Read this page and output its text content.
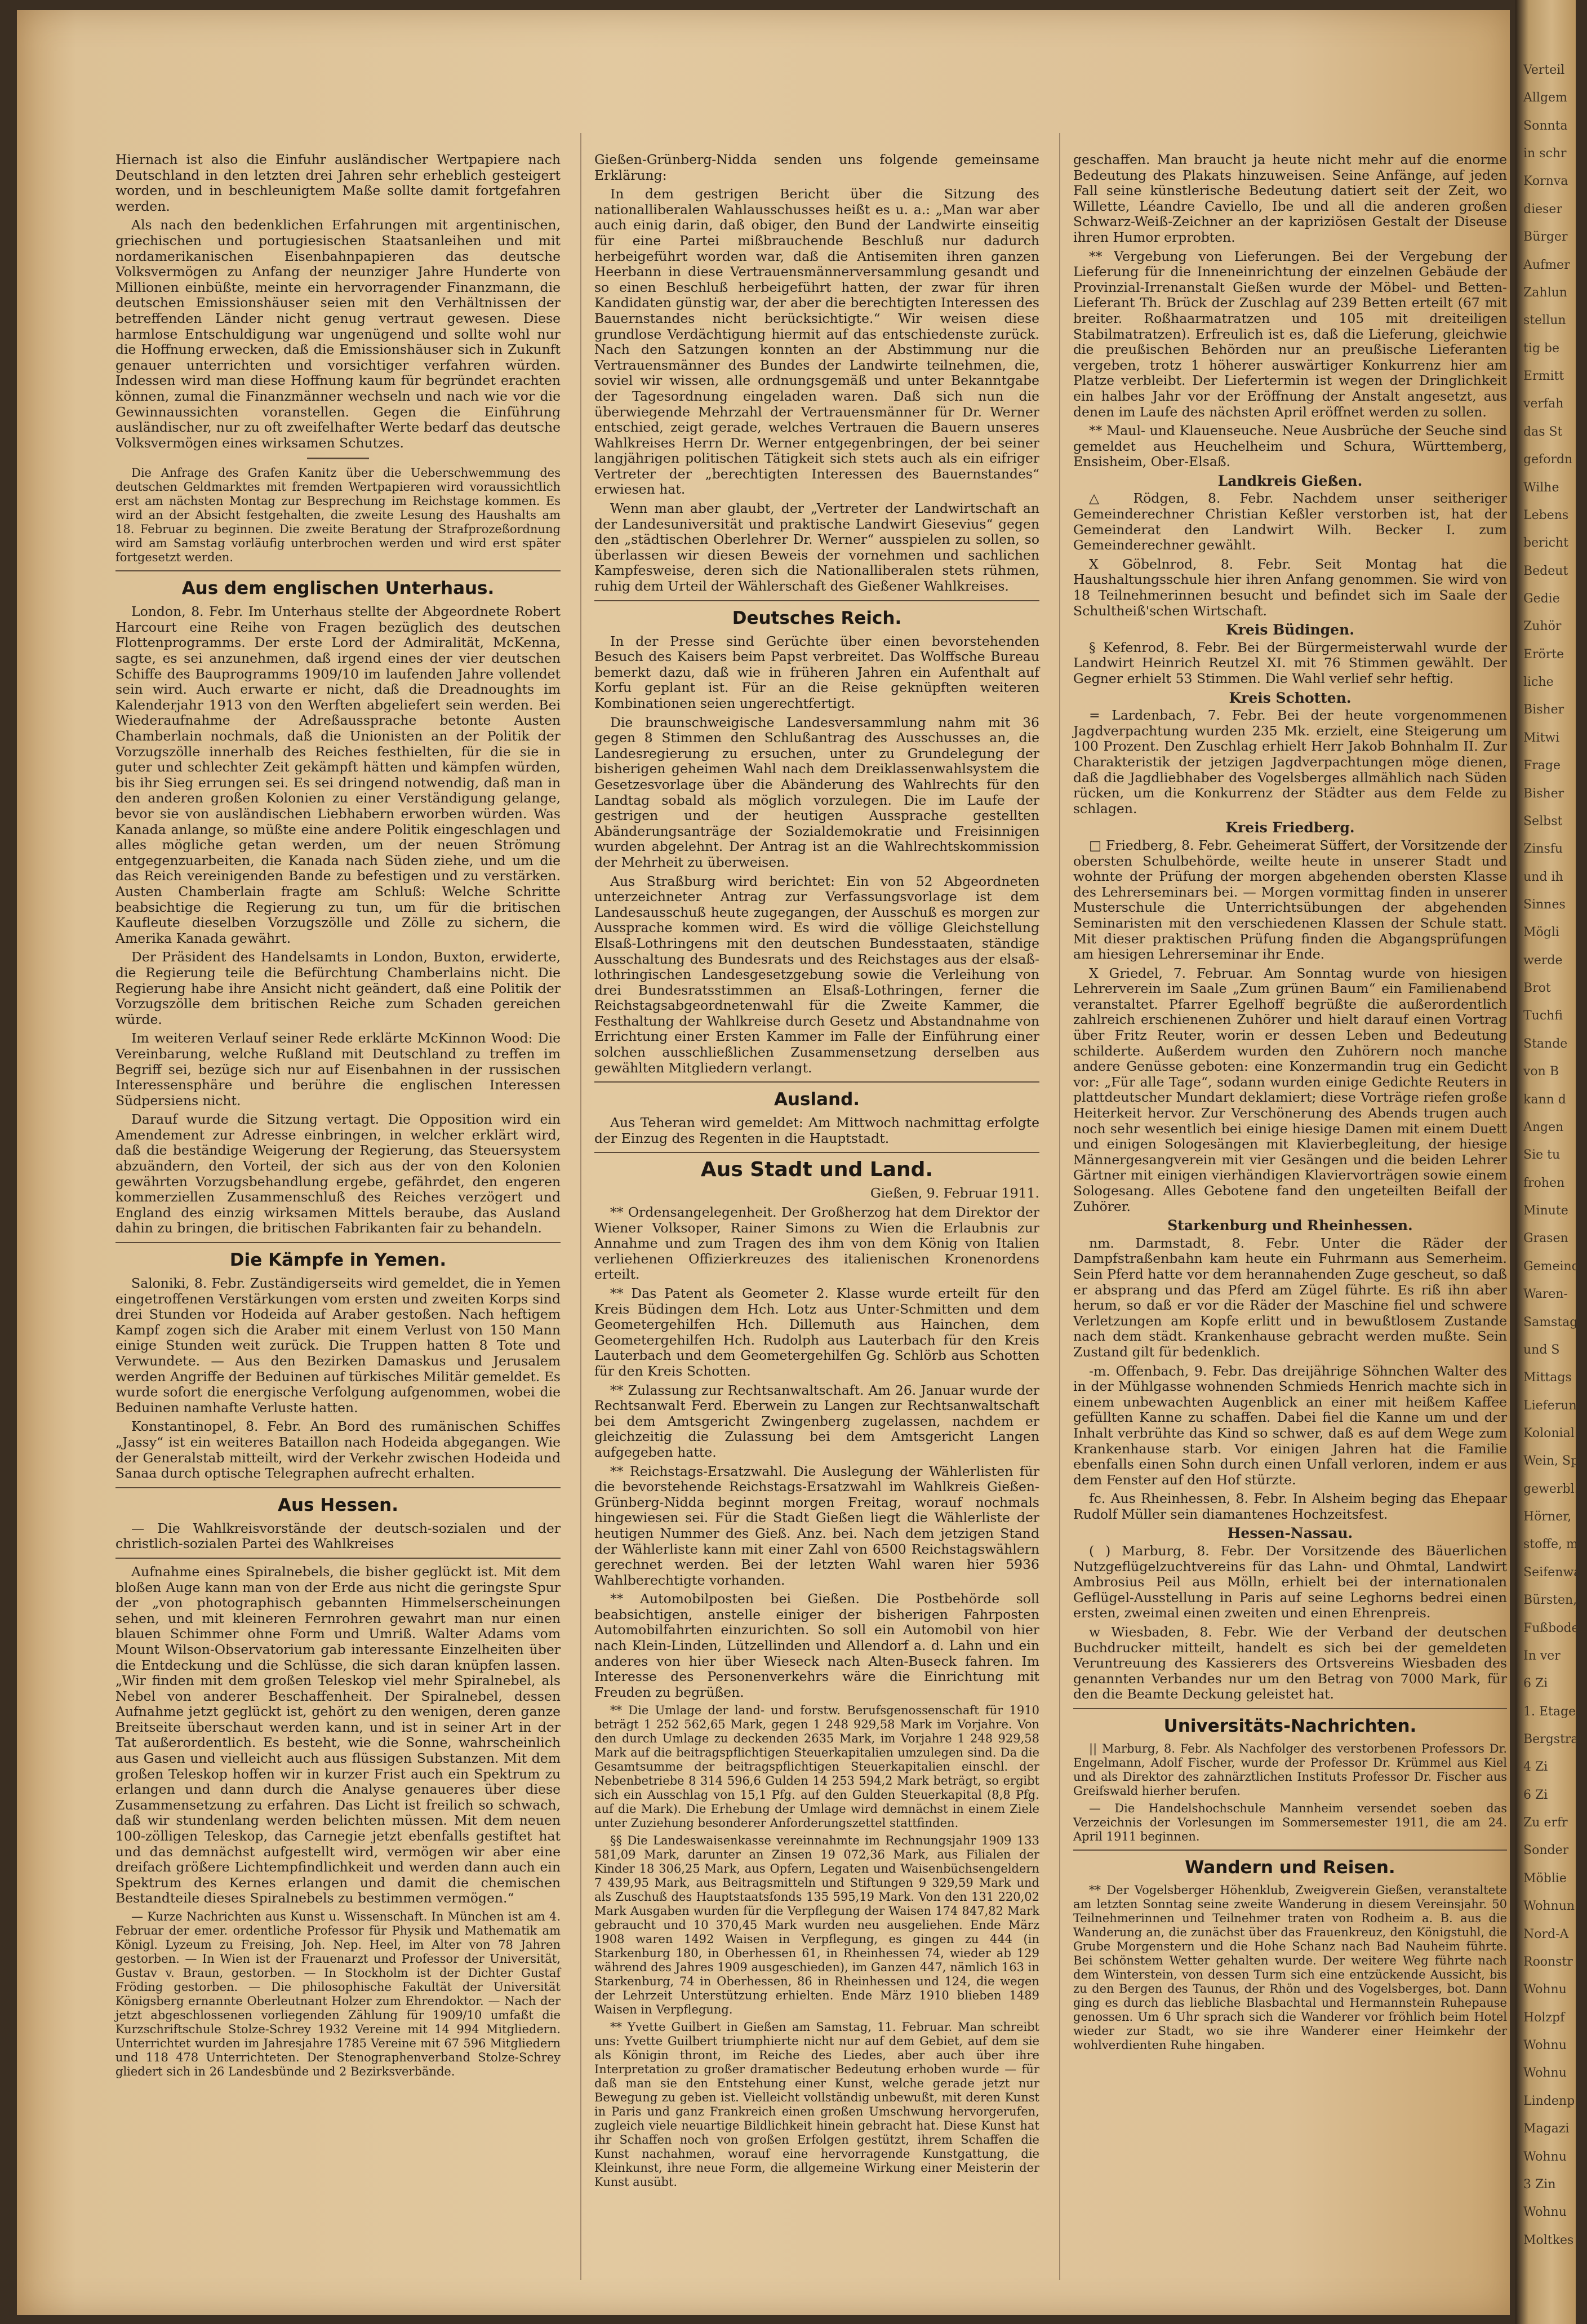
Hiernach ist also die Einfuhr ausländischer Wertpapiere nach Deutschland in den letzten drei Jahren sehr erheblich gesteigert worden, und in beschleunigtem Maße sollte damit fortgefahren werden.

Als nach den bedenklichen Erfahrungen mit argentinischen, griechischen und portugiesischen Staatsanleihen und mit nordamerikanischen Eisenbahnpapieren das deutsche Volksvermögen zu Anfang der neunziger Jahre Hunderte von Millionen einbüßte, meinte ein hervorragender Finanzmann, die deutschen Emissionshäuser seien mit den Verhältnissen der betreffenden Länder nicht genug vertraut gewesen. Diese harmlose Entschuldigung war ungenügend und sollte wohl nur die Hoffnung erwecken, daß die Emissionshäuser sich in Zukunft genauer unterrichten und vorsichtiger verfahren würden. Indessen wird man diese Hoffnung kaum für begründet erachten können, zumal die Finanzmänner wechseln und nach wie vor die Gewinnaussichten voranstellen. Gegen die Einführung ausländischer, nur zu oft zweifelhafter Werte bedarf das deutsche Volksvermögen eines wirksamen Schutzes.

Die Anfrage des Grafen Kanitz über die Ueberschwemmung des deutschen Geldmarktes mit fremden Wertpapieren wird voraussichtlich erst am nächsten Montag zur Besprechung im Reichstage kommen. Es wird an der Absicht festgehalten, die zweite Lesung des Haushalts am 18. Februar zu beginnen. Die zweite Beratung der Strafprozeßordnung wird am Samstag vorläufig unterbrochen werden und wird erst später fortgesetzt werden.

Aus dem englischen Unterhaus.

London, 8. Febr. Im Unterhaus stellte der Abgeordnete Robert Harcourt eine Reihe von Fragen bezüglich des deutschen Flottenprogramms. Der erste Lord der Admiralität, McKenna, sagte, es sei anzunehmen, daß irgend eines der vier deutschen Schiffe des Bauprogramms 1909/10 im laufenden Jahre vollendet sein wird. Auch erwarte er nicht, daß die Dreadnoughts im Kalenderjahr 1913 von den Werften abgeliefert sein werden. Bei Wiederaufnahme der Adreßaussprache betonte Austen Chamberlain nochmals, daß die Unionisten an der Politik der Vorzugszölle innerhalb des Reiches festhielten, für die sie in guter und schlechter Zeit gekämpft hätten und kämpfen würden, bis ihr Sieg errungen sei. Es sei dringend notwendig, daß man in den anderen großen Kolonien zu einer Verständigung gelange, bevor sie von ausländischen Liebhabern erworben würden. Was Kanada anlange, so müßte eine andere Politik eingeschlagen und alles mögliche getan werden, um der neuen Strömung entgegenzuarbeiten, die Kanada nach Süden ziehe, und um die das Reich vereinigenden Bande zu befestigen und zu verstärken. Austen Chamberlain fragte am Schluß: Welche Schritte beabsichtige die Regierung zu tun, um für die britischen Kaufleute dieselben Vorzugszölle und Zölle zu sichern, die Amerika Kanada gewährt.

Der Präsident des Handelsamts in London, Buxton, erwiderte, die Regierung teile die Befürchtung Chamberlains nicht. Die Regierung habe ihre Ansicht nicht geändert, daß eine Politik der Vorzugszölle dem britischen Reiche zum Schaden gereichen würde.

Im weiteren Verlauf seiner Rede erklärte McKinnon Wood: Die Vereinbarung, welche Rußland mit Deutschland zu treffen im Begriff sei, bezüge sich nur auf Eisenbahnen in der russischen Interessensphäre und berühre die englischen Interessen Südpersiens nicht.

Darauf wurde die Sitzung vertagt. Die Opposition wird ein Amendement zur Adresse einbringen, in welcher erklärt wird, daß die beständige Weigerung der Regierung, das Steuersystem abzuändern, den Vorteil, der sich aus der von den Kolonien gewährten Vorzugsbehandlung ergebe, gefährdet, den engeren kommerziellen Zusammenschluß des Reiches verzögert und England des einzig wirksamen Mittels beraube, das Ausland dahin zu bringen, die britischen Fabrikanten fair zu behandeln.

Die Kämpfe in Yemen.

Saloniki, 8. Febr. Zuständigerseits wird gemeldet, die in Yemen eingetroffenen Verstärkungen vom ersten und zweiten Korps sind drei Stunden vor Hodeida auf Araber gestoßen. Nach heftigem Kampf zogen sich die Araber mit einem Verlust von 150 Mann einige Stunden weit zurück. Die Truppen hatten 8 Tote und Verwundete. — Aus den Bezirken Damaskus und Jerusalem werden Angriffe der Beduinen auf türkisches Militär gemeldet. Es wurde sofort die energische Verfolgung aufgenommen, wobei die Beduinen namhafte Verluste hatten.

Konstantinopel, 8. Febr. An Bord des rumänischen Schiffes „Jassy“ ist ein weiteres Bataillon nach Hodeida abgegangen. Wie der Generalstab mitteilt, wird der Verkehr zwischen Hodeida und Sanaa durch optische Telegraphen aufrecht erhalten.

Aus Hessen.

— Die Wahlkreisvorstände der deutsch-sozialen und der christlich-sozialen Partei des Wahlkreises

Aufnahme eines Spiralnebels, die bisher geglückt ist. Mit dem bloßen Auge kann man von der Erde aus nicht die geringste Spur der „von photographisch gebannten Himmelserscheinungen sehen, und mit kleineren Fernrohren gewahrt man nur einen blauen Schimmer ohne Form und Umriß. Walter Adams vom Mount Wilson-Observatorium gab interessante Einzelheiten über die Entdeckung und die Schlüsse, die sich daran knüpfen lassen. „Wir finden mit dem großen Teleskop viel mehr Spiralnebel, als Nebel von anderer Beschaffenheit. Der Spiralnebel, dessen Aufnahme jetzt geglückt ist, gehört zu den wenigen, deren ganze Breitseite überschaut werden kann, und ist in seiner Art in der Tat außerordentlich. Es besteht, wie die Sonne, wahrscheinlich aus Gasen und vielleicht auch aus flüssigen Substanzen. Mit dem großen Teleskop hoffen wir in kurzer Frist auch ein Spektrum zu erlangen und dann durch die Analyse genaueres über diese Zusammensetzung zu erfahren. Das Licht ist freilich so schwach, daß wir stundenlang werden belichten müssen. Mit dem neuen 100-zölligen Teleskop, das Carnegie jetzt ebenfalls gestiftet hat und das demnächst aufgestellt wird, vermögen wir aber eine dreifach größere Lichtempfindlichkeit und werden dann auch ein Spektrum des Kernes erlangen und damit die chemischen Bestandteile dieses Spiralnebels zu bestimmen vermögen.“

— Kurze Nachrichten aus Kunst u. Wissenschaft. In München ist am 4. Februar der emer. ordentliche Professor für Physik und Mathematik am Königl. Lyzeum zu Freising, Joh. Nep. Heel, im Alter von 78 Jahren gestorben. — In Wien ist der Frauenarzt und Professor der Universität, Gustav v. Braun, gestorben. — In Stockholm ist der Dichter Gustaf Fröding gestorben. — Die philosophische Fakultät der Universität Königsberg ernannte Oberleutnant Holzer zum Ehrendoktor. — Nach der jetzt abgeschlossenen vorliegenden Zählung für 1909/10 umfaßt die Kurzschriftschule Stolze-Schrey 1932 Vereine mit 14 994 Mitgliedern. Unterrichtet wurden im Jahresjahre 1785 Vereine mit 67 596 Mitgliedern und 118 478 Unterrichteten. Der Stenographenverband Stolze-Schrey gliedert sich in 26 Landesbünde und 2 Bezirksverbände.

Gießen-Grünberg-Nidda senden uns folgende gemeinsame Erklärung:

In dem gestrigen Bericht über die Sitzung des nationalliberalen Wahlausschusses heißt es u. a.: „Man war aber auch einig darin, daß obiger, den Bund der Landwirte einseitig für eine Partei mißbrauchende Beschluß nur dadurch herbeigeführt worden war, daß die Antisemiten ihren ganzen Heerbann in diese Vertrauensmännerversammlung gesandt und so einen Beschluß herbeigeführt hatten, der zwar für ihren Kandidaten günstig war, der aber die berechtigten Interessen des Bauernstandes nicht berücksichtigte.“ Wir weisen diese grundlose Verdächtigung hiermit auf das entschiedenste zurück. Nach den Satzungen konnten an der Abstimmung nur die Vertrauensmänner des Bundes der Landwirte teilnehmen, die, soviel wir wissen, alle ordnungsgemäß und unter Bekanntgabe der Tagesordnung eingeladen waren. Daß sich nun die überwiegende Mehrzahl der Vertrauensmänner für Dr. Werner entschied, zeigt gerade, welches Vertrauen die Bauern unseres Wahlkreises Herrn Dr. Werner entgegenbringen, der bei seiner langjährigen politischen Tätigkeit sich stets auch als ein eifriger Vertreter der „berechtigten Interessen des Bauernstandes“ erwiesen hat.

Wenn man aber glaubt, der „Vertreter der Landwirtschaft an der Landesuniversität und praktische Landwirt Giesevius“ gegen den „städtischen Oberlehrer Dr. Werner“ ausspielen zu sollen, so überlassen wir diesen Beweis der vornehmen und sachlichen Kampfesweise, deren sich die Nationalliberalen stets rühmen, ruhig dem Urteil der Wählerschaft des Gießener Wahlkreises.

Deutsches Reich.

In der Presse sind Gerüchte über einen bevorstehenden Besuch des Kaisers beim Papst verbreitet. Das Wolffsche Bureau bemerkt dazu, daß wie in früheren Jahren ein Aufenthalt auf Korfu geplant ist. Für an die Reise geknüpften weiteren Kombinationen seien ungerechtfertigt.

Die braunschweigische Landesversammlung nahm mit 36 gegen 8 Stimmen den Schlußantrag des Ausschusses an, die Landesregierung zu ersuchen, unter zu Grundelegung der bisherigen geheimen Wahl nach dem Dreiklassenwahlsystem die Gesetzesvorlage über die Abänderung des Wahlrechts für den Landtag sobald als möglich vorzulegen. Die im Laufe der gestrigen und der heutigen Aussprache gestellten Abänderungsanträge der Sozialdemokratie und Freisinnigen wurden abgelehnt. Der Antrag ist an die Wahlrechtskommission der Mehrheit zu überweisen.

Aus Straßburg wird berichtet: Ein von 52 Abgeordneten unterzeichneter Antrag zur Verfassungsvorlage ist dem Landesausschuß heute zugegangen, der Ausschuß es morgen zur Aussprache kommen wird. Es wird die völlige Gleichstellung Elsaß-Lothringens mit den deutschen Bundesstaaten, ständige Ausschaltung des Bundesrats und des Reichstages aus der elsaß-lothringischen Landesgesetzgebung sowie die Verleihung von drei Bundesratsstimmen an Elsaß-Lothringen, ferner die Reichstagsabgeordnetenwahl für die Zweite Kammer, die Festhaltung der Wahlkreise durch Gesetz und Abstandnahme von Errichtung einer Ersten Kammer im Falle der Einführung einer solchen ausschließlichen Zusammensetzung derselben aus gewählten Mitgliedern verlangt.

Ausland.

Aus Teheran wird gemeldet: Am Mittwoch nachmittag erfolgte der Einzug des Regenten in die Hauptstadt.

Aus Stadt und Land.
Gießen, 9. Februar 1911.

** Ordensangelegenheit. Der Großherzog hat dem Direktor der Wiener Volksoper, Rainer Simons zu Wien die Erlaubnis zur Annahme und zum Tragen des ihm von dem König von Italien verliehenen Offizierkreuzes des italienischen Kronenordens erteilt.

** Das Patent als Geometer 2. Klasse wurde erteilt für den Kreis Büdingen dem Hch. Lotz aus Unter-Schmitten und dem Geometergehilfen Hch. Dillemuth aus Hainchen, dem Geometergehilfen Hch. Rudolph aus Lauterbach für den Kreis Lauterbach und dem Geometergehilfen Gg. Schlörb aus Schotten für den Kreis Schotten.

** Zulassung zur Rechtsanwaltschaft. Am 26. Januar wurde der Rechtsanwalt Ferd. Eberwein zu Langen zur Rechtsanwaltschaft bei dem Amtsgericht Zwingenberg zugelassen, nachdem er gleichzeitig die Zulassung bei dem Amtsgericht Langen aufgegeben hatte.

** Reichstags-Ersatzwahl. Die Auslegung der Wählerlisten für die bevorstehende Reichstags-Ersatzwahl im Wahlkreis Gießen-Grünberg-Nidda beginnt morgen Freitag, worauf nochmals hingewiesen sei. Für die Stadt Gießen liegt die Wählerliste der heutigen Nummer des Gieß. Anz. bei. Nach dem jetzigen Stand der Wählerliste kann mit einer Zahl von 6500 Reichstagswählern gerechnet werden. Bei der letzten Wahl waren hier 5936 Wahlberechtigte vorhanden.

** Automobilposten bei Gießen. Die Postbehörde soll beabsichtigen, anstelle einiger der bisherigen Fahrposten Automobilfahrten einzurichten. So soll ein Automobil von hier nach Klein-Linden, Lützellinden und Allendorf a. d. Lahn und ein anderes von hier über Wieseck nach Alten-Buseck fahren. Im Interesse des Personenverkehrs wäre die Einrichtung mit Freuden zu begrüßen.

** Die Umlage der land- und forstw. Berufsgenossenschaft für 1910 beträgt 1 252 562,65 Mark, gegen 1 248 929,58 Mark im Vorjahre. Von den durch Umlage zu deckenden 2635 Mark, im Vorjahre 1 248 929,58 Mark auf die beitragspflichtigen Steuerkapitalien umzulegen sind. Da die Gesamtsumme der beitragspflichtigen Steuerkapitalien einschl. der Nebenbetriebe 8 314 596,6 Gulden 14 253 594,2 Mark beträgt, so ergibt sich ein Ausschlag von 15,1 Pfg. auf den Gulden Steuerkapital (8,8 Pfg. auf die Mark). Die Erhebung der Umlage wird demnächst in einem Ziele unter Zuziehung besonderer Anforderungszettel stattfinden.

§§ Die Landeswaisenkasse vereinnahmte im Rechnungsjahr 1909 133 581,09 Mark, darunter an Zinsen 19 072,36 Mark, aus Filialen der Kinder 18 306,25 Mark, aus Opfern, Legaten und Waisenbüchsengeldern 7 439,95 Mark, aus Beitragsmitteln und Stiftungen 9 329,59 Mark und als Zuschuß des Hauptstaatsfonds 135 595,19 Mark. Von den 131 220,02 Mark Ausgaben wurden für die Verpflegung der Waisen 174 847,82 Mark gebraucht und 10 370,45 Mark wurden neu ausgeliehen. Ende März 1908 waren 1492 Waisen in Verpflegung, es gingen zu 444 (in Starkenburg 180, in Oberhessen 61, in Rheinhessen 74, wieder ab 129 während des Jahres 1909 ausgeschieden), im Ganzen 447, nämlich 163 in Starkenburg, 74 in Oberhessen, 86 in Rheinhessen und 124, die wegen der Lehrzeit Unterstützung erhielten. Ende März 1910 blieben 1489 Waisen in Verpflegung.

** Yvette Guilbert in Gießen am Samstag, 11. Februar. Man schreibt uns: Yvette Guilbert triumphierte nicht nur auf dem Gebiet, auf dem sie als Königin thront, im Reiche des Liedes, aber auch über ihre Interpretation zu großer dramatischer Bedeutung erhoben wurde — für daß man sie den Entstehung einer Kunst, welche gerade jetzt nur Bewegung zu geben ist. Vielleicht vollständig unbewußt, mit deren Kunst in Paris und ganz Frankreich einen großen Umschwung hervorgerufen, zugleich viele neuartige Bildlichkeit hinein gebracht hat. Diese Kunst hat ihr Schaffen noch von großen Erfolgen gestützt, ihrem Schaffen die Kunst nachahmen, worauf eine hervorragende Kunstgattung, die Kleinkunst, ihre neue Form, die allgemeine Wirkung einer Meisterin der Kunst ausübt.

geschaffen. Man braucht ja heute nicht mehr auf die enorme Bedeutung des Plakats hinzuweisen. Seine Anfänge, auf jeden Fall seine künstlerische Bedeutung datiert seit der Zeit, wo Willette, Léandre Caviello, Ibe und all die anderen großen Schwarz-Weiß-Zeichner an der kapriziösen Gestalt der Diseuse ihren Humor erprobten.

** Vergebung von Lieferungen. Bei der Vergebung der Lieferung für die Inneneinrichtung der einzelnen Gebäude der Provinzial-Irrenanstalt Gießen wurde der Möbel- und Betten-Lieferant Th. Brück der Zuschlag auf 239 Betten erteilt (67 mit breiter. Roßhaarmatratzen und 105 mit dreiteiligen Stabilmatratzen). Erfreulich ist es, daß die Lieferung, gleichwie die preußischen Behörden nur an preußische Lieferanten vergeben, trotz 1 höherer auswärtiger Konkurrenz hier am Platze verbleibt. Der Liefertermin ist wegen der Dringlichkeit ein halbes Jahr vor der Eröffnung der Anstalt angesetzt, aus denen im Laufe des nächsten April eröffnet werden zu sollen.

** Maul- und Klauenseuche. Neue Ausbrüche der Seuche sind gemeldet aus Heuchelheim und Schura, Württemberg, Ensisheim, Ober-Elsaß.

Landkreis Gießen.

△ Rödgen, 8. Febr. Nachdem unser seitheriger Gemeinderechner Christian Keßler verstorben ist, hat der Gemeinderat den Landwirt Wilh. Becker I. zum Gemeinderechner gewählt.

X Göbelnrod, 8. Febr. Seit Montag hat die Haushaltungsschule hier ihren Anfang genommen. Sie wird von 18 Teilnehmerinnen besucht und befindet sich im Saale der Schultheiß'schen Wirtschaft.

Kreis Büdingen.

§ Kefenrod, 8. Febr. Bei der Bürgermeisterwahl wurde der Landwirt Heinrich Reutzel XI. mit 76 Stimmen gewählt. Der Gegner erhielt 53 Stimmen. Die Wahl verlief sehr heftig.

Kreis Schotten.

= Lardenbach, 7. Febr. Bei der heute vorgenommenen Jagdverpachtung wurden 235 Mk. erzielt, eine Steigerung um 100 Prozent. Den Zuschlag erhielt Herr Jakob Bohnhalm II. Zur Charakteristik der jetzigen Jagdverpachtungen möge dienen, daß die Jagdliebhaber des Vogelsberges allmählich nach Süden rücken, um die Konkurrenz der Städter aus dem Felde zu schlagen.

Kreis Friedberg.

□ Friedberg, 8. Febr. Geheimerat Süffert, der Vorsitzende der obersten Schulbehörde, weilte heute in unserer Stadt und wohnte der Prüfung der morgen abgehenden obersten Klasse des Lehrerseminars bei. — Morgen vormittag finden in unserer Musterschule die Unterrichtsübungen der abgehenden Seminaristen mit den verschiedenen Klassen der Schule statt. Mit dieser praktischen Prüfung finden die Abgangsprüfungen am hiesigen Lehrerseminar ihr Ende.

X Griedel, 7. Februar. Am Sonntag wurde von hiesigen Lehrerverein im Saale „Zum grünen Baum“ ein Familienabend veranstaltet. Pfarrer Egelhoff begrüßte die außerordentlich zahlreich erschienenen Zuhörer und hielt darauf einen Vortrag über Fritz Reuter, worin er dessen Leben und Bedeutung schilderte. Außerdem wurden den Zuhörern noch manche andere Genüsse geboten: eine Konzermandin trug ein Gedicht vor: „Für alle Tage“, sodann wurden einige Gedichte Reuters in plattdeutscher Mundart deklamiert; diese Vorträge riefen große Heiterkeit hervor. Zur Verschönerung des Abends trugen auch noch sehr wesentlich bei einige hiesige Damen mit einem Duett und einigen Sologesängen mit Klavierbegleitung, der hiesige Männergesangverein mit vier Gesängen und die beiden Lehrer Gärtner mit einigen vierhändigen Klaviervorträgen sowie einem Sologesang. Alles Gebotene fand den ungeteilten Beifall der Zuhörer.

Starkenburg und Rheinhessen.

nm. Darmstadt, 8. Febr. Unter die Räder der Dampfstraßenbahn kam heute ein Fuhrmann aus Semerheim. Sein Pferd hatte vor dem herannahenden Zuge gescheut, so daß er absprang und das Pferd am Zügel führte. Es riß ihn aber herum, so daß er vor die Räder der Maschine fiel und schwere Verletzungen am Kopfe erlitt und in bewußtlosem Zustande nach dem städt. Krankenhause gebracht werden mußte. Sein Zustand gilt für bedenklich.

-m. Offenbach, 9. Febr. Das dreijährige Söhnchen Walter des in der Mühlgasse wohnenden Schmieds Henrich machte sich in einem unbewachten Augenblick an einer mit heißem Kaffee gefüllten Kanne zu schaffen. Dabei fiel die Kanne um und der Inhalt verbrühte das Kind so schwer, daß es auf dem Wege zum Krankenhause starb. Vor einigen Jahren hat die Familie ebenfalls einen Sohn durch einen Unfall verloren, indem er aus dem Fenster auf den Hof stürzte.

fc. Aus Rheinhessen, 8. Febr. In Alsheim beging das Ehepaar Rudolf Müller sein diamantenes Hochzeitsfest.

Hessen-Nassau.

( ) Marburg, 8. Febr. Der Vorsitzende des Bäuerlichen Nutzgeflügelzuchtvereins für das Lahn- und Ohmtal, Landwirt Ambrosius Peil aus Mölln, erhielt bei der internationalen Geflügel-Ausstellung in Paris auf seine Leghorns bedrei einen ersten, zweimal einen zweiten und einen Ehrenpreis.

w Wiesbaden, 8. Febr. Wie der Verband der deutschen Buchdrucker mitteilt, handelt es sich bei der gemeldeten Veruntreuung des Kassierers des Ortsvereins Wiesbaden des genannten Verbandes nur um den Betrag von 7000 Mark, für den die Beamte Deckung geleistet hat.

Universitäts-Nachrichten.

|| Marburg, 8. Febr. Als Nachfolger des verstorbenen Professors Dr. Engelmann, Adolf Fischer, wurde der Professor Dr. Krümmel aus Kiel und als Direktor des zahnärztlichen Instituts Professor Dr. Fischer aus Greifswald hierher berufen.

— Die Handelshochschule Mannheim versendet soeben das Verzeichnis der Vorlesungen im Sommersemester 1911, die am 24. April 1911 beginnen.

Wandern und Reisen.

** Der Vogelsberger Höhenklub, Zweigverein Gießen, veranstaltete am letzten Sonntag seine zweite Wanderung in diesem Vereinsjahr. 50 Teilnehmerinnen und Teilnehmer traten von Rodheim a. B. aus die Wanderung an, die zunächst über das Frauenkreuz, den Königstuhl, die Grube Morgenstern und die Hohe Schanz nach Bad Nauheim führte. Bei schönstem Wetter gehalten wurde. Der weitere Weg führte nach dem Winterstein, von dessen Turm sich eine entzückende Aussicht, bis zu den Bergen des Taunus, der Rhön und des Vogelsberges, bot. Dann ging es durch das liebliche Blasbachtal und Hermannstein Ruhepause genossen. Um 6 Uhr sprach sich die Wanderer vor fröhlich beim Hotel wieder zur Stadt, wo sie ihre Wanderer einer Heimkehr der wohlverdienten Ruhe hingaben.

Verteil
Allgem
Sonnta
in schr
Kornva
dieser
Bürger
Aufmer
Zahlun
stellun
tig be
Ermitt
verfah
das St
gefordn
Wilhe
Lebens
bericht
Bedeut
Gedie
Zuhör
Erörte
liche
Bisher
Mitwi
Frage
Bisher
Selbst
Zinsfu
und ih
Sinnes
Mögli
werde
Brot
Tuchfi
Stande
von B
kann d
Angen
Sie tu
frohen
Minute
Grasen
Gemeind
Waren-
Samstag
und S
Mittags
Lieferun
Kolonial
Wein, Sp
gewerbl.
Hörner,
stoffe, m
Seifenwa
Bürsten,
Fußboden
In ver
6 Zi
1. Etage
Bergstraß
4 Zi
6 Zi
Zu erfr
Sonder
Möblie
Wohnun
Nord-A
Roonstr
Wohnu
Holzpf
Wohnu
Wohnu
Lindenp
Magazi
Wohnu
3 Zin
Wohnu
Moltkes
